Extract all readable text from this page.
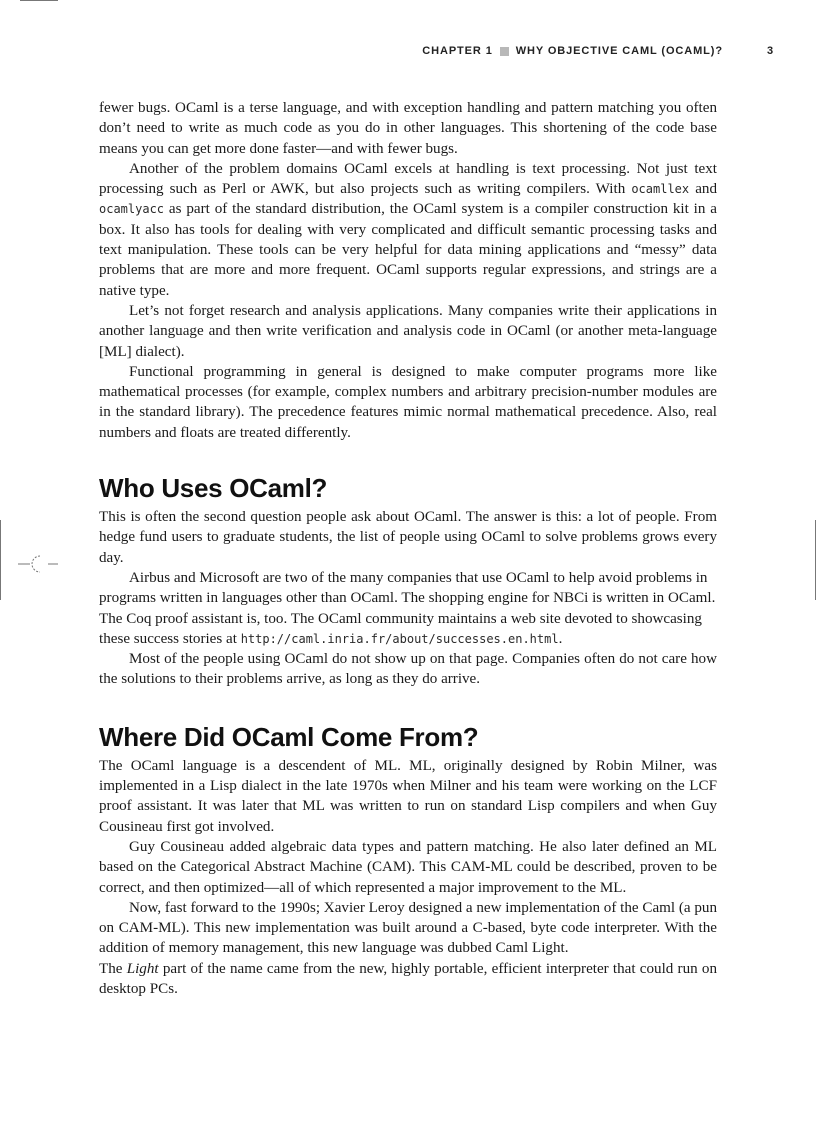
CHAPTER 1 WHY OBJECTIVE CAML (OCAML)?	3

fewer bugs. OCaml is a terse language, and with exception handling and pattern matching you often don’t need to write as much code as you do in other languages. This shortening of the code base means you can get more done faster—and with fewer bugs.

Another of the problem domains OCaml excels at handling is text processing. Not just text processing such as Perl or AWK, but also projects such as writing compilers. With ocamllex and ocamlyacc as part of the standard distribution, the OCaml system is a compiler construction kit in a box. It also has tools for dealing with very complicated and difficult semantic processing tasks and text manipulation. These tools can be very helpful for data mining applications and “messy” data problems that are more and more frequent. OCaml supports regular expressions, and strings are a native type.

Let’s not forget research and analysis applications. Many companies write their applications in another language and then write verification and analysis code in OCaml (or another meta-language [ML] dialect).

Functional programming in general is designed to make computer programs more like mathematical processes (for example, complex numbers and arbitrary precision-number modules are in the standard library). The precedence features mimic normal mathematical precedence. Also, real numbers and floats are treated differently.

Who Uses OCaml?

This is often the second question people ask about OCaml. The answer is this: a lot of people. From hedge fund users to graduate students, the list of people using OCaml to solve problems grows every day.

Airbus and Microsoft are two of the many companies that use OCaml to help avoid problems in programs written in languages other than OCaml. The shopping engine for NBCi is written in OCaml. The Coq proof assistant is, too. The OCaml community maintains a web site devoted to showcasing these success stories at http://caml.inria.fr/about/successes.en.html.

Most of the people using OCaml do not show up on that page. Companies often do not care how the solutions to their problems arrive, as long as they do arrive.

Where Did OCaml Come From?

The OCaml language is a descendent of ML. ML, originally designed by Robin Milner, was implemented in a Lisp dialect in the late 1970s when Milner and his team were working on the LCF proof assistant. It was later that ML was written to run on standard Lisp compilers and when Guy Cousineau first got involved.

Guy Cousineau added algebraic data types and pattern matching. He also later defined an ML based on the Categorical Abstract Machine (CAM). This CAM-ML could be described, proven to be correct, and then optimized—all of which represented a major improvement to the ML.

Now, fast forward to the 1990s; Xavier Leroy designed a new implementation of the Caml (a pun on CAM-ML). This new implementation was built around a C-based, byte code interpreter. With the addition of memory management, this new language was dubbed Caml Light.

The Light part of the name came from the new, highly portable, efficient interpreter that could run on desktop PCs.
